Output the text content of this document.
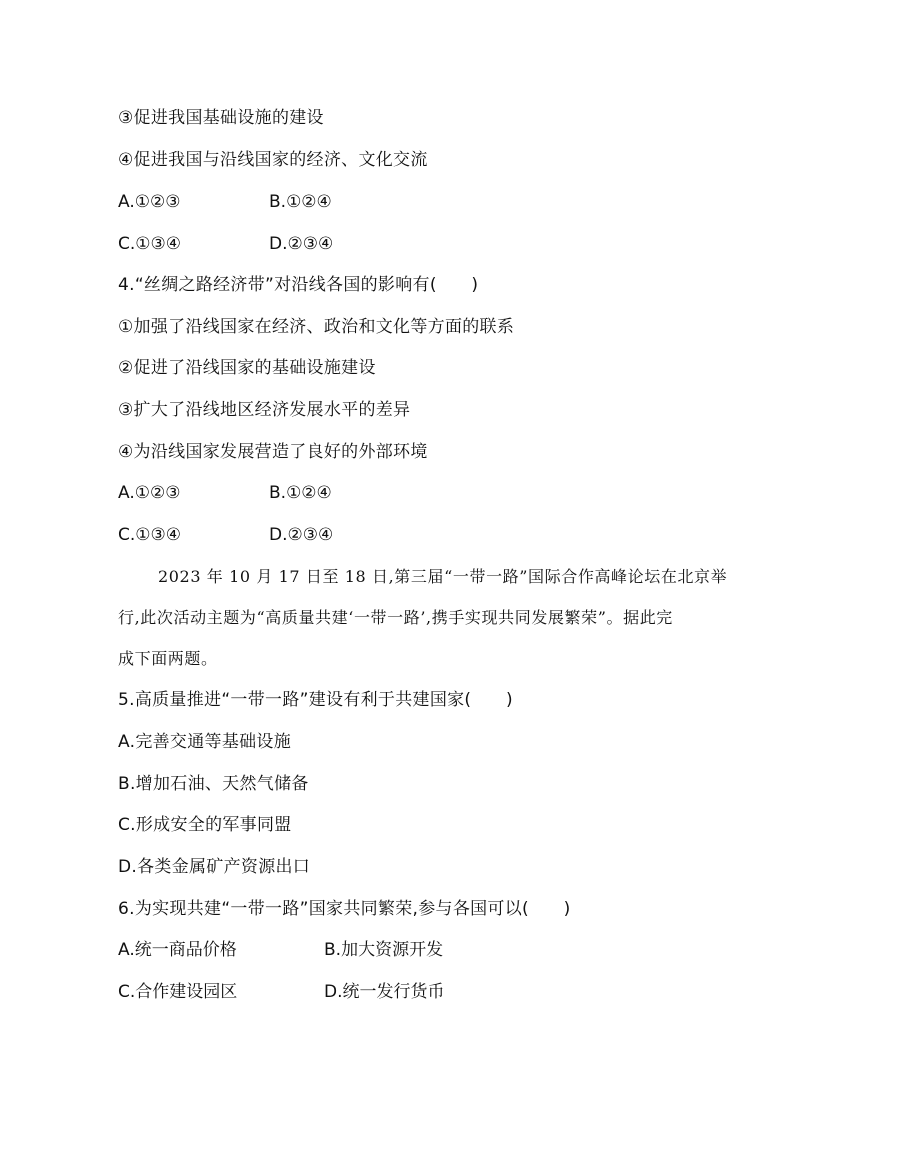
③促进我国基础设施的建设
④促进我国与沿线国家的经济、文化交流
A.①②③	B.①②④
C.①③④	D.②③④
4.“丝绸之路经济带”对沿线各国的影响有(　　)
①加强了沿线国家在经济、政治和文化等方面的联系
②促进了沿线国家的基础设施建设
③扩大了沿线地区经济发展水平的差异
④为沿线国家发展营造了良好的外部环境
A.①②③	B.①②④
C.①③④	D.②③④
2023 年 10 月 17 日至 18 日,第三届“一带一路”国际合作高峰论坛在北京举
行,此次活动主题为“高质量共建‘一带一路’,携手实现共同发展繁荣”。据此完
成下面两题。
5.高质量推进“一带一路”建设有利于共建国家(　　)
A.完善交通等基础设施
B.增加石油、天然气储备
C.形成安全的军事同盟
D.各类金属矿产资源出口
6.为实现共建“一带一路”国家共同繁荣,参与各国可以(　　)
A.统一商品价格	B.加大资源开发
C.合作建设园区	D.统一发行货币
